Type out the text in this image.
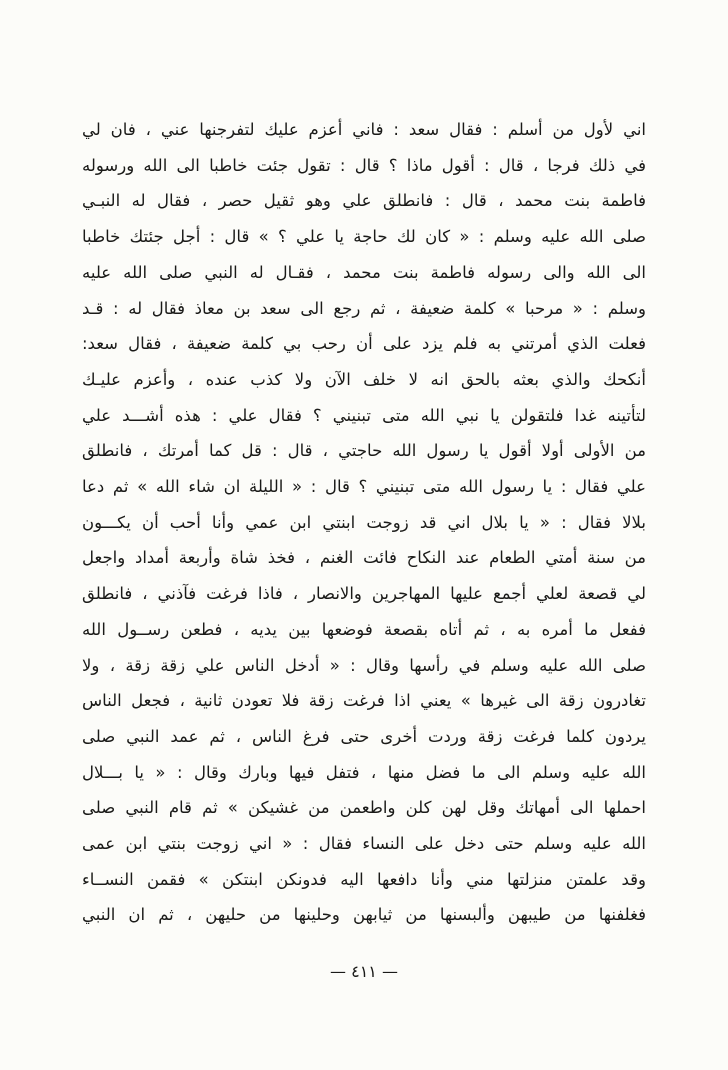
اني لأول من أسلم : فقال سعد : فاني أعزم عليك لتفرجنها عني ، فان لي
في ذلك فرجا ، قال : أقول ماذا ؟ قال : تقول جئت خاطبا الى الله ورسوله
فاطمة بنت محمد ، قال : فانطلق علي وهو ثقيل حصر ، فقال له النبـي
صلى الله عليه وسلم : « كان لك حاجة يا علي ؟ » قال : أجل جئتك خاطبا
الى الله والى رسوله فاطمة بنت محمد ، فقـال له النبي صلى الله عليه
وسلم : « مرحبا » كلمة ضعيفة ، ثم رجع الى سعد بن معاذ فقال له : قـد
فعلت الذي أمرتني به فلم يزد على أن رحب بي كلمة ضعيفة ، فقال سعد:
أنكحك والذي بعثه بالحق انه لا خلف الآن ولا كذب عنده ، وأعزم عليـك
لتأتينه غدا فلتقولن يا نبي الله متى تبنيني ؟ فقال علي : هذه أشـــد علي
من الأولى أولا أقول يا رسول الله حاجتي ، قال : قل كما أمرتك ، فانطلق
علي فقال : يا رسول الله متى تبنيني ؟ قال : « الليلة ان شاء الله » ثم دعا
بلالا فقال : « يا بلال اني قد زوجت ابنتي ابن عمي وأنا أحب أن يكـــون
من سنة أمتي الطعام عند النكاح فائت الغنم ، فخذ شاة وأربعة أمداد واجعل
لي قصعة لعلي أجمع عليها المهاجرين والانصار ، فاذا فرغت فآذني ، فانطلق
ففعل ما أمره به ، ثم أتاه بقصعة فوضعها بين يديه ، فطعن رســول الله
صلى الله عليه وسلم في رأسها وقال : « أدخل الناس علي زقة زقة ، ولا
تغادرون زقة الى غيرها » يعني اذا فرغت زقة فلا تعودن ثانية ، فجعل الناس
يردون كلما فرغت زقة وردت أخرى حتى فرغ الناس ، ثم عمد النبي صلى
الله عليه وسلم الى ما فضل منها ، فتفل فيها وبارك وقال : « يا بـــلال
احملها الى أمهاتك وقل لهن كلن واطعمن من غشيكن » ثم قام النبي صلى
الله عليه وسلم حتى دخل على النساء فقال : « اني زوجت بنتي ابن عمى
وقد علمتن منزلتها مني وأنا دافعها اليه فدونكن ابنتكن » فقمن النســاء
فغلفنها من طيبهن وألبسنها من ثيابهن وحلينها من حليهن ، ثم ان النبي
— ٤١١ —
